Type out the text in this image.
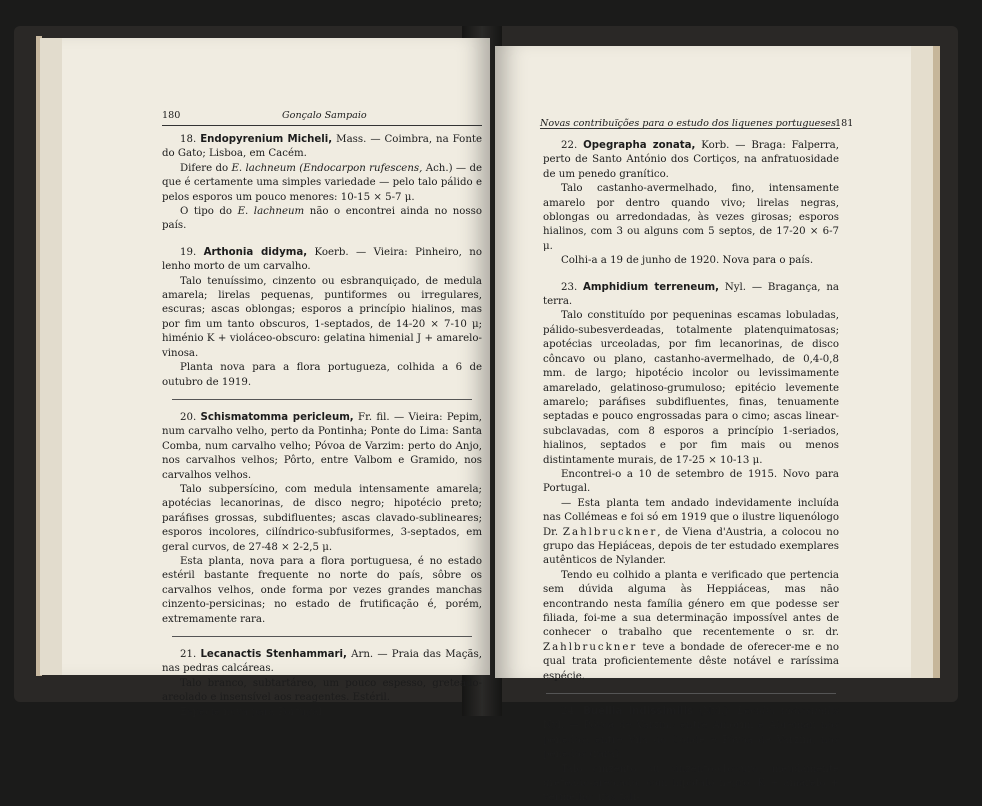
180	Gonçalo Sampaio

18. Endopyrenium Micheli, Mass. — Coimbra, na Fonte do Gato; Lisboa, em Cacém.

Difere do E. lachneum (Endocarpon rufescens, Ach.) — de que é certamente uma simples variedade — pelo talo pálido e pelos esporos um pouco menores: 10-15 × 5-7 μ.

O tipo do E. lachneum não o encontrei ainda no nosso país.

19. Arthonia didyma, Koerb. — Vieira: Pinheiro, no lenho morto de um carvalho.

Talo tenuíssimo, cinzento ou esbranquiçado, de medula amarela; lirelas pequenas, puntiformes ou irregulares, escuras; ascas oblongas; esporos a princípio hialinos, mas por fim um tanto obscuros, 1-septados, de 14-20 × 7-10 μ; himénio K + violáceo-obscuro: gelatina himenial J + amarelo-vinosa.

Planta nova para a flora portugueza, colhida a 6 de outubro de 1919.

20. Schismatomma pericleum, Fr. fil. — Vieira: Pepim, num carvalho velho, perto da Pontinha; Ponte do Lima: Santa Comba, num carvalho velho; Póvoa de Varzim: perto do Anjo, nos carvalhos velhos; Pôrto, entre Valbom e Gramido, nos carvalhos velhos.

Talo subpersícino, com medula intensamente amarela; apotécias lecanorinas, de disco negro; hipotécio preto; paráfises grossas, subdifluentes; ascas clavado-sublineares; esporos incolores, cilíndrico-subfusiformes, 3-septados, em geral curvos, de 27-48 × 2-2,5 μ.

Esta planta, nova para a flora portuguesa, é no estado estéril bastante frequente no norte do país, sôbre os carvalhos velhos, onde forma por vezes grandes manchas cinzento-persicinas; no estado de frutificação é, porém, extremamente rara.

21. Lecanactis Stenhammari, Arn. — Praia das Maçãs, nas pedras calcáreas.

Talo branco, subtartáreo, um pouco espesso, greteado-areolado e insensível aos reagentes. Estéril.

Espécie nova para Portugal.

Novas contribuïções para o estudo dos liquenes portugueses 181

22. Opegrapha zonata, Korb. — Braga: Falperra, perto de Santo António dos Cortiços, na anfratuosidade de um penedo granítico.

Talo castanho-avermelhado, fino, intensamente amarelo por dentro quando vivo; lirelas negras, oblongas ou arredondadas, às vezes girosas; esporos hialinos, com 3 ou alguns com 5 septos, de 17-20 × 6-7 μ.

Colhi-a a 19 de junho de 1920. Nova para o país.

23. Amphidium terreneum, Nyl. — Bragança, na terra.

Talo constituído por pequeninas escamas lobuladas, pálido-subesverdeadas, totalmente platenquimatosas; apotécias urceoladas, por fim lecanorinas, de disco côncavo ou plano, castanho-avermelhado, de 0,4-0,8 mm. de largo; hipotécio incolor ou levissimamente amarelado, gelatinoso-grumuloso; epitécio levemente amarelo; paráfises subdifluentes, finas, tenuamente septadas e pouco engrossadas para o cimo; ascas linear-subclavadas, com 8 esporos a princípio 1-seriados, hialinos, septados e por fim mais ou menos distintamente murais, de 17-25 × 10-13 μ.

Encontrei-o a 10 de setembro de 1915. Novo para Portugal.

— Esta planta tem andado indevidamente incluída nas Collémeas e foi só em 1919 que o ilustre liquenólogo Dr. Zahlbruckner, de Viena d'Austria, a colocou no grupo das Hepiáceas, depois de ter estudado exemplares autênticos de Nylander.

Tendo eu colhido a planta e verificado que pertencia sem dúvida alguma às Heppiáceas, mas não encontrando nesta família género em que podesse ser filiada, foi-me a sua determinação impossível antes de conhecer o trabalho que recentemente o sr. dr. Zahlbruckner teve a bondade de oferecer-me e no qual trata proficientemente dêste notável e raríssima espécie.

24. Buellia indissimilis (Nyl.): Lecidia indissimilis Nyl. — Póvoa de Varzim: entre Amorim e Abremár, nos penedos; entre Vila do Conde e Póvoa de Varzim, nos penedos (rara).

Talo cinzento ou cinzento-obscuro, meudamente greteado-areolado, com hipotalo negro, K + amarelo + vermelho; ifas tali-
